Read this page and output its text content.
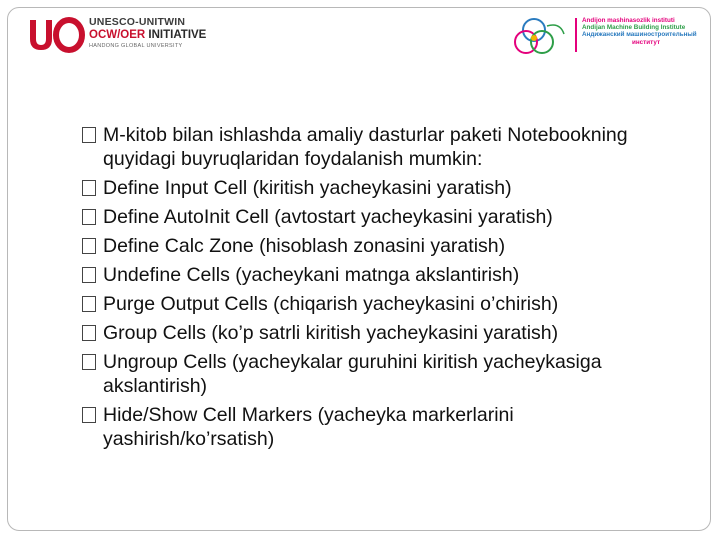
UNESCO-UNITWIN
OCW/OER INITIATIVE
HANDONG GLOBAL UNIVERSITY
Andijon mashinasozlik instituti
Andijan Machine Building Institute
Андижанский машиностроительный
институт
M-kitob bilan ishlashda amaliy dasturlar paketi Notebookning quyidagi buyruqlaridan foydalanish mumkin:
Define Input Cell (kiritish yacheykasini yaratish)
Define AutoInit Cell (avtostart yacheykasini yaratish)
Define Calc Zone (hisoblash zonasini yaratish)
Undefine Cells (yacheykani matnga akslantirish)
Purge Output Cells (chiqarish yacheykasini o’chirish)
Group Cells (ko’p satrli kiritish yacheykasini yaratish)
Ungroup Cells (yacheykalar guruhini kiritish yacheykasiga akslantirish)
Hide/Show Cell Markers (yacheyka markerlarini yashirish/ko’rsatish)
